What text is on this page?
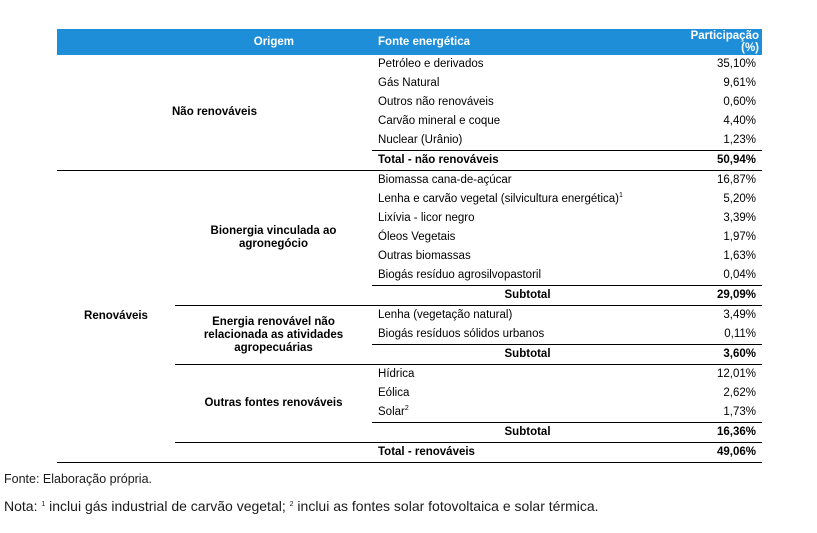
Origem		Fonte energética	Participação (%)
Não renováveis		Petróleo e derivados	35,10%
		Gás Natural	9,61%
		Outros não renováveis	0,60%
		Carvão mineral e coque	4,40%
		Nuclear (Urânio)	1,23%
		Total - não renováveis	50,94%
Renováveis	Bionergia vinculada ao agronegócio	Biomassa cana-de-açúcar	16,87%
		Lenha e carvão vegetal (silvicultura energética)$^1$	5,20%
		Lixívia - licor negro	3,39%
		Óleos Vegetais	1,97%
		Outras biomassas	1,63%
		Biogás resíduo agrosilvopastoril	0,04%
		Subtotal	29,09%
	Energia renovável não relacionada as atividades agropecuárias	Lenha (vegetação natural)	3,49%
		Biogás resíduos sólidos urbanos	0,11%
		Subtotal	3,60%
	Outras fontes renováveis	Hídrica	12,01%
		Eólica	2,62%
		Solar$^2$	1,73%
		Subtotal	16,36%
		Total - renováveis	49,06%
Fonte: Elaboração própria.
Nota: $^1$ inclui gás industrial de carvão vegetal; $^2$ inclui as fontes solar fotovoltaica e solar térmica.
